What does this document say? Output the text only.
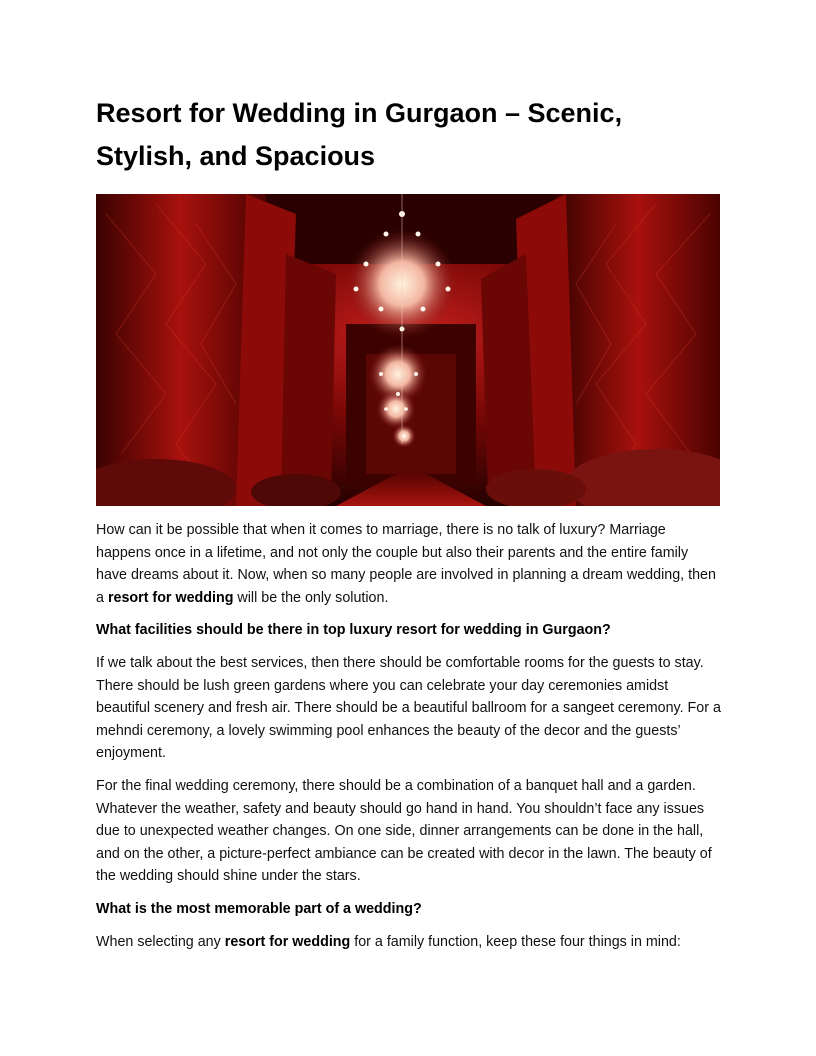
Resort for Wedding in Gurgaon – Scenic, Stylish, and Spacious

How can it be possible that when it comes to marriage, there is no talk of luxury? Marriage happens once in a lifetime, and not only the couple but also their parents and the entire family have dreams about it. Now, when so many people are involved in planning a dream wedding, then a resort for wedding will be the only solution.

What facilities should be there in top luxury resort for wedding in Gurgaon?

If we talk about the best services, then there should be comfortable rooms for the guests to stay. There should be lush green gardens where you can celebrate your day ceremonies amidst beautiful scenery and fresh air. There should be a beautiful ballroom for a sangeet ceremony. For a mehndi ceremony, a lovely swimming pool enhances the beauty of the decor and the guests’ enjoyment.

For the final wedding ceremony, there should be a combination of a banquet hall and a garden. Whatever the weather, safety and beauty should go hand in hand. You shouldn’t face any issues due to unexpected weather changes. On one side, dinner arrangements can be done in the hall, and on the other, a picture-perfect ambiance can be created with decor in the lawn. The beauty of the wedding should shine under the stars.

What is the most memorable part of a wedding?

When selecting any resort for wedding for a family function, keep these four things in mind:
